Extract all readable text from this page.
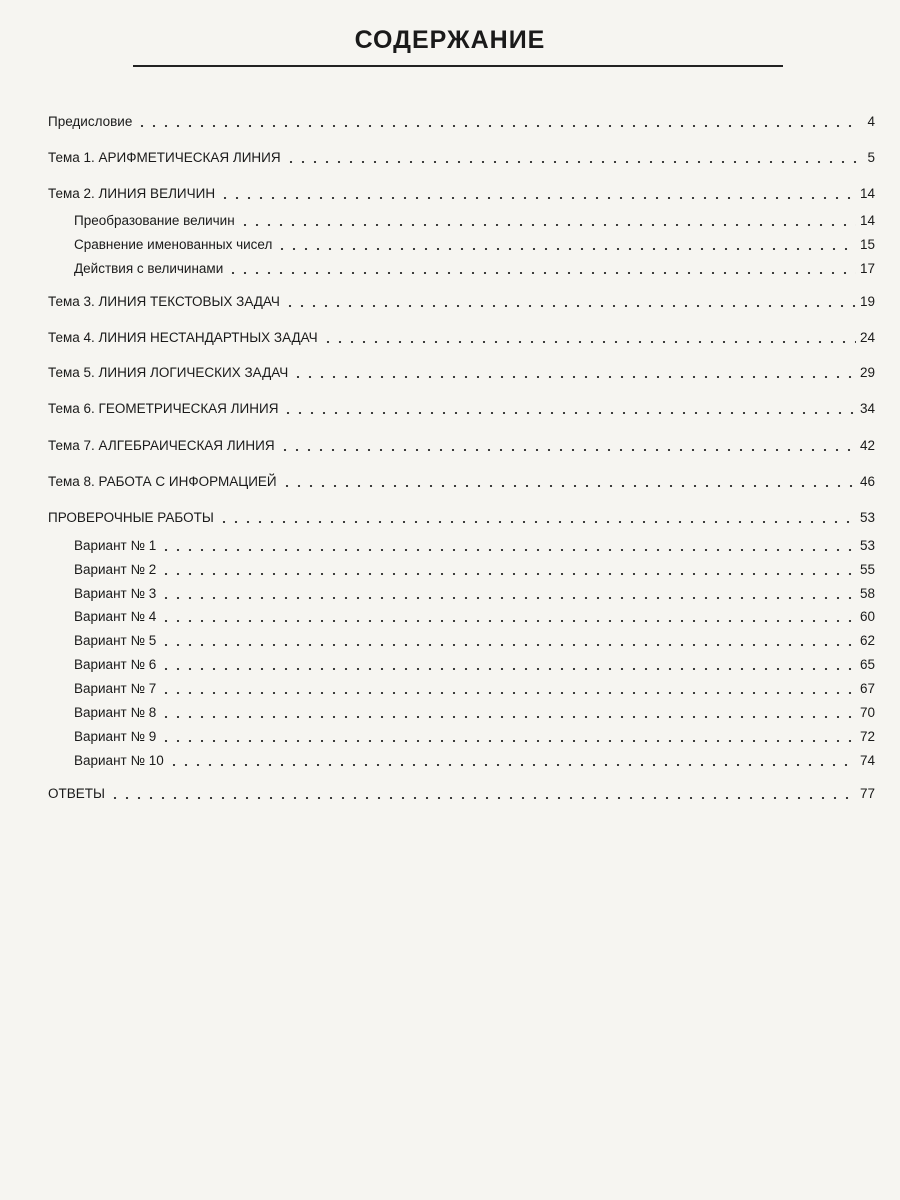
СОДЕРЖАНИЕ
Предисловие	4
Тема 1. АРИФМЕТИЧЕСКАЯ ЛИНИЯ	5
Тема 2. ЛИНИЯ ВЕЛИЧИН	14
Преобразование величин	14
Сравнение именованных чисел	15
Действия с величинами	17
Тема 3. ЛИНИЯ ТЕКСТОВЫХ ЗАДАЧ	19
Тема 4. ЛИНИЯ НЕСТАНДАРТНЫХ ЗАДАЧ	24
Тема 5. ЛИНИЯ ЛОГИЧЕСКИХ ЗАДАЧ	29
Тема 6. ГЕОМЕТРИЧЕСКАЯ ЛИНИЯ	34
Тема 7. АЛГЕБРАИЧЕСКАЯ ЛИНИЯ	42
Тема 8. РАБОТА С ИНФОРМАЦИЕЙ	46
ПРОВЕРОЧНЫЕ РАБОТЫ	53
Вариант № 1	53
Вариант № 2	55
Вариант № 3	58
Вариант № 4	60
Вариант № 5	62
Вариант № 6	65
Вариант № 7	67
Вариант № 8	70
Вариант № 9	72
Вариант № 10	74
ОТВЕТЫ	77
